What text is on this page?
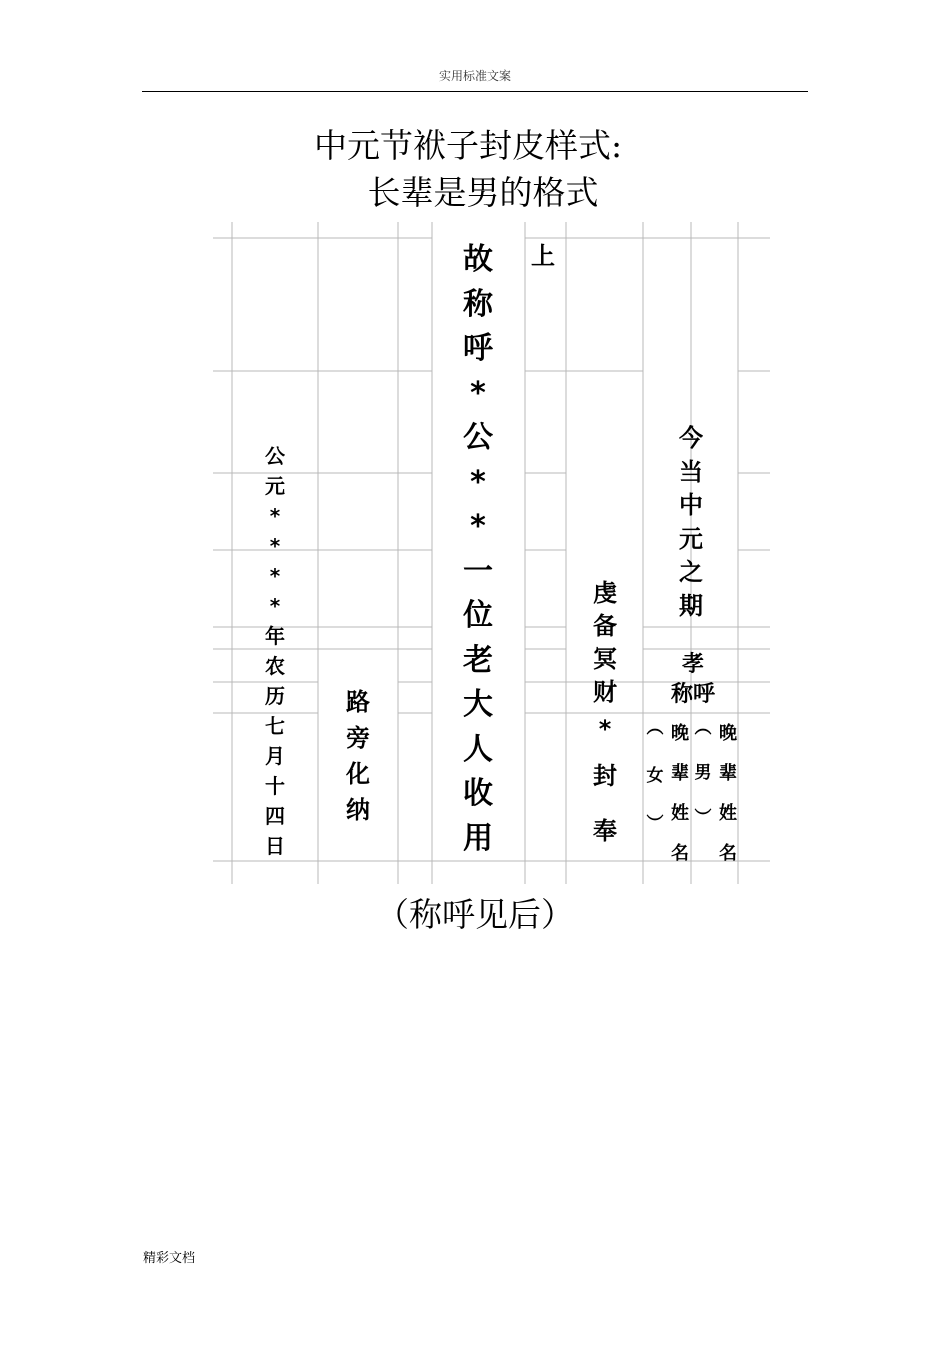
实用标准文案
中元节袱子封皮样式:
长辈是男的格式
公
元
*
*
*
*
年
农
历
七
月
十
四
日
路
旁
化
纳
故
称
呼
*
公
*
*
一
位
老
大
人
收
用
上
虔
备
冥
财
*
封
奉
今
当
中
元
之
期
孝
称呼
︵
女
︶
晚
辈
姓
名
︵
男
︶
晚
辈
姓
名
（称呼见后）
精彩文档
